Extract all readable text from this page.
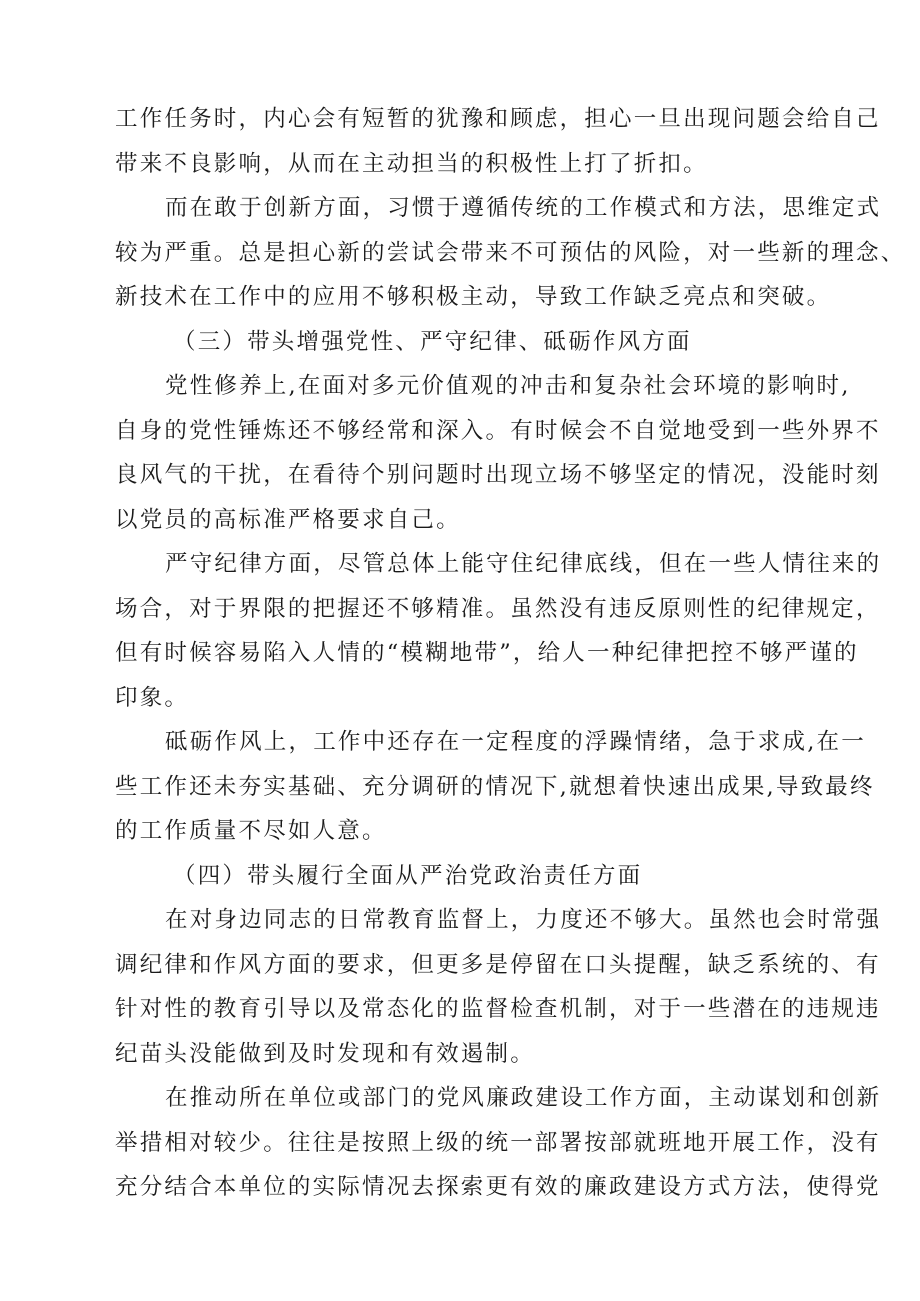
工作任务时，内心会有短暂的犹豫和顾虑，担心一旦出现问题会给自己
带来不良影响，从而在主动担当的积极性上打了折扣。
而在敢于创新方面，习惯于遵循传统的工作模式和方法，思维定式
较为严重。总是担心新的尝试会带来不可预估的风险，对一些新的理念、
新技术在工作中的应用不够积极主动，导致工作缺乏亮点和突破。
（三）带头增强党性、严守纪律、砥砺作风方面
党性修养上,在面对多元价值观的冲击和复杂社会环境的影响时,
自身的党性锤炼还不够经常和深入。有时候会不自觉地受到一些外界不
良风气的干扰，在看待个别问题时出现立场不够坚定的情况，没能时刻
以党员的高标准严格要求自己。
严守纪律方面，尽管总体上能守住纪律底线，但在一些人情往来的
场合，对于界限的把握还不够精准。虽然没有违反原则性的纪律规定，
但有时候容易陷入人情的“模糊地带”，给人一种纪律把控不够严谨的
印象。
砥砺作风上，工作中还存在一定程度的浮躁情绪，急于求成,在一
些工作还未夯实基础、充分调研的情况下,就想着快速出成果,导致最终
的工作质量不尽如人意。
（四）带头履行全面从严治党政治责任方面
在对身边同志的日常教育监督上，力度还不够大。虽然也会时常强
调纪律和作风方面的要求，但更多是停留在口头提醒，缺乏系统的、有
针对性的教育引导以及常态化的监督检查机制，对于一些潜在的违规违
纪苗头没能做到及时发现和有效遏制。
在推动所在单位或部门的党风廉政建设工作方面，主动谋划和创新
举措相对较少。往往是按照上级的统一部署按部就班地开展工作，没有
充分结合本单位的实际情况去探索更有效的廉政建设方式方法，使得党
